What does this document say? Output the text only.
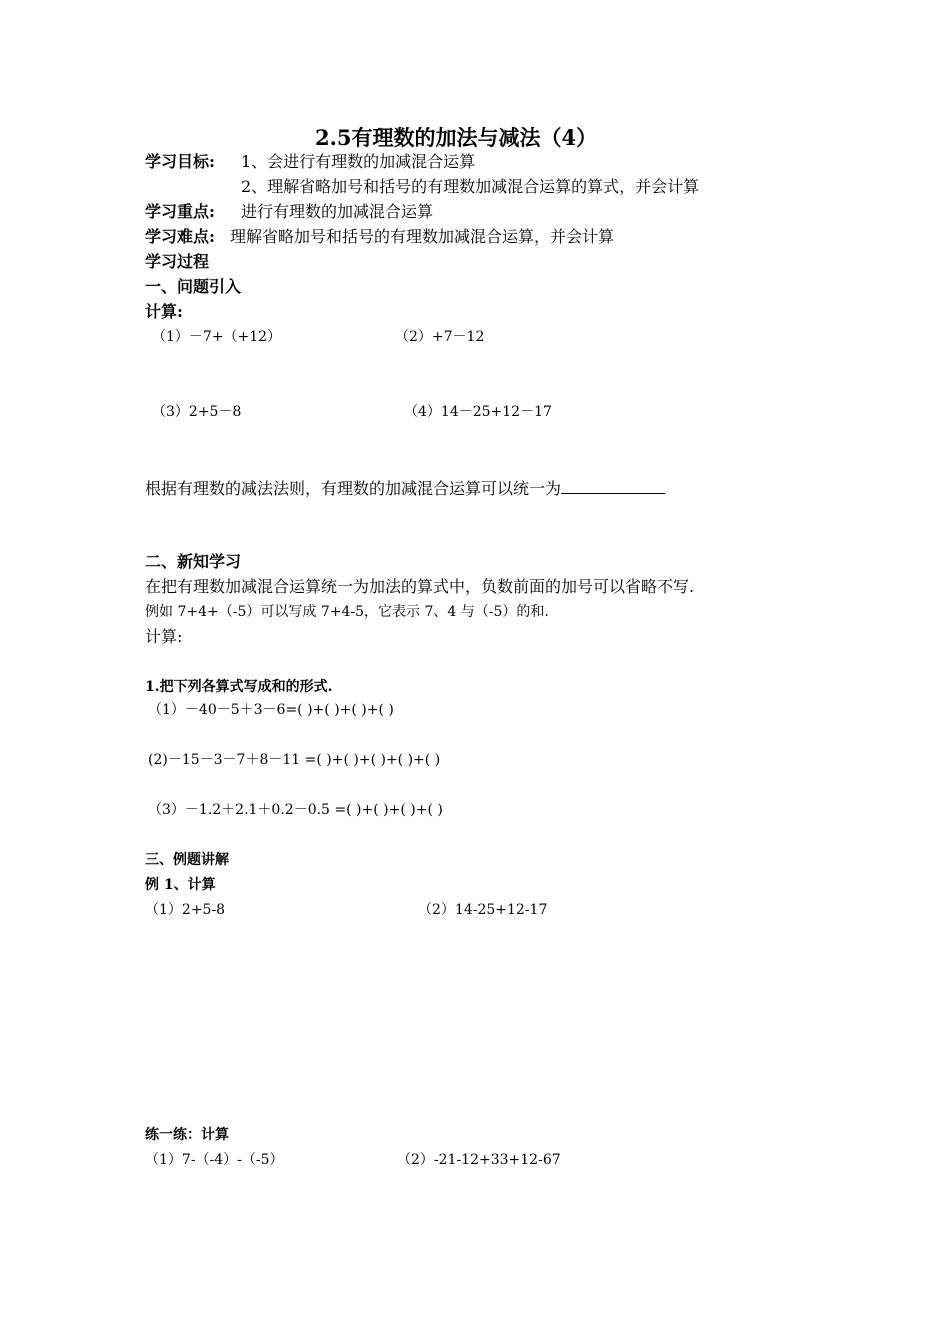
2.5有理数的加法与减法（4）
学习目标: 1、会进行有理数的加减混合运算
2、理解省略加号和括号的有理数加减混合运算的算式，并会计算
学习重点: 进行有理数的加减混合运算
学习难点: 理解省略加号和括号的有理数加减混合运算，并会计算
学习过程
一、问题引入
计算:
（1）－7+（+12）	（2）+7－12
（3）2+5－8	（4）14－25+12－17
根据有理数的减法法则，有理数的加减混合运算可以统一为
二、新知学习
在把有理数加减混合运算统一为加法的算式中，负数前面的加号可以省略不写.
例如 7+4+（-5）可以写成 7+4-5，它表示 7、4 与（-5）的和.
计算:
1.把下列各算式写成和的形式.
（1）－40－5＋3－6=( )+( )+( )+( )
(2)－15－3－7＋8－11 =( )+( )+( )+( )+( )
（3）－1.2＋2.1＋0.2－0.5 =( )+( )+( )+( )
三、例题讲解
例 1、计算
（1）2+5-8	（2）14-25+12-17
练一练：计算
（1）7-（-4）-（-5）	（2）-21-12+33+12-67
